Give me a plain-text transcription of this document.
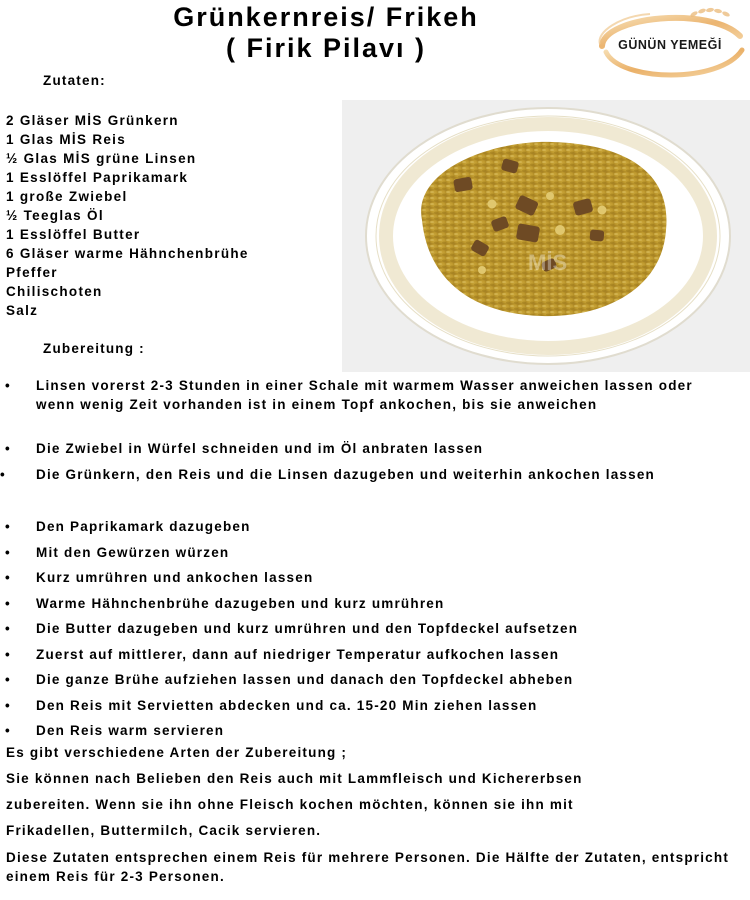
Grünkernreis/ Frikeh
( Firik Pilavı )	GÜNÜN YEMEĞİ
Zutaten:
2 Gläser MİS Grünkern
1 Glas MİS Reis
½ Glas MİS grüne Linsen
1 Esslöffel Paprikamark
1 große Zwiebel
½ Teeglas Öl
1 Esslöffel Butter
6 Gläser warme Hähnchenbrühe
Pfeffer
Chilischoten
Salz
MİS
Zubereitung :
• Linsen vorerst 2-3 Stunden in einer Schale mit warmem Wasser anweichen lassen oder wenn wenig Zeit vorhanden ist in einem Topf ankochen, bis sie anweichen
• Die Zwiebel in Würfel schneiden und im Öl anbraten lassen
• Die Grünkern, den Reis und die Linsen dazugeben und weiterhin ankochen lassen
• Den Paprikamark dazugeben
• Mit den Gewürzen würzen
• Kurz umrühren und ankochen lassen
• Warme Hähnchenbrühe dazugeben und kurz umrühren
• Die Butter dazugeben und kurz umrühren und den Topfdeckel aufsetzen
• Zuerst auf mittlerer, dann auf niedriger Temperatur aufkochen lassen
• Die ganze Brühe aufziehen lassen und danach den Topfdeckel abheben
• Den Reis mit Servietten abdecken und ca. 15-20 Min ziehen lassen
• Den Reis warm servieren
Es gibt verschiedene Arten der Zubereitung ;
Sie können nach Belieben den Reis auch mit Lammfleisch und Kichererbsen
zubereiten. Wenn sie ihn ohne Fleisch kochen möchten, können sie ihn mit
Frikadellen, Buttermilch, Cacik servieren.
Diese Zutaten entsprechen einem Reis für mehrere Personen. Die Hälfte der Zutaten, entspricht einem Reis für 2-3 Personen.
